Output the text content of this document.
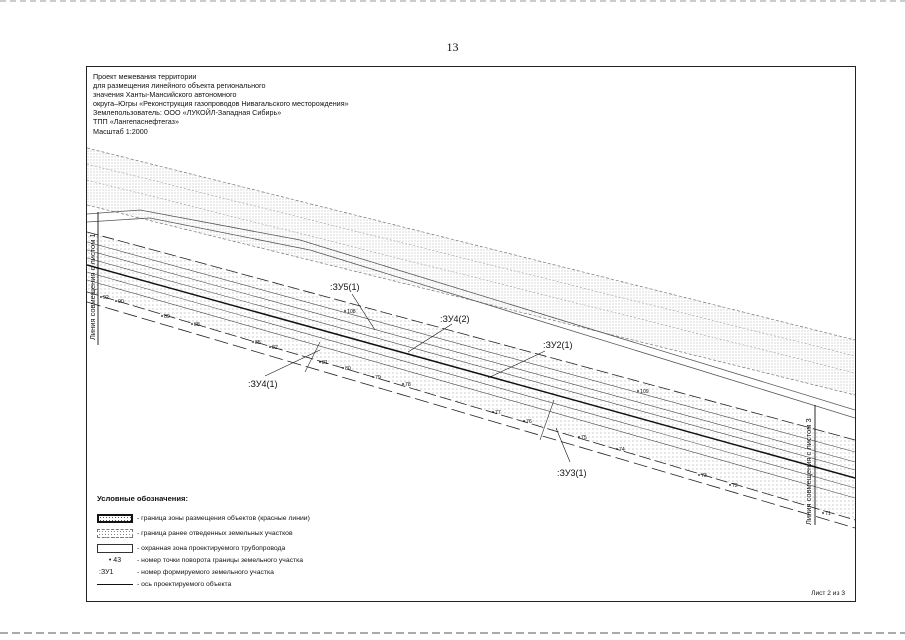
13
Проект межевания территории
для размещения линейного объекта регионального
значения Ханты-Мансийского автономного
округа–Югры «Реконструкция газопроводов Нивагальского месторождения»
Землепользователь: ООО «ЛУКОЙЛ-Западная Сибирь»
ТПП «Лангепаснефтегаз»
Масштаб 1:2000
Линия совмещения с листом 1
Линия совмещения с листом 3
:ЗУ5(1)
:ЗУ4(2)
:ЗУ2(1)
:ЗУ4(1)
:ЗУ3(1)
92
90
89
88
85
82
81
80
79
78
77
76
75
74
73
72
71
108
109
Условные обозначения:
- граница зоны размещения объектов (красные линии)
- граница ранее отведенных земельных участков
- охранная зона проектируемого трубопровода
• 43	- номер точки поворота границы земельного участка
:ЗУ1	- номер формируемого земельного участка
- ось проектируемого объекта
Лист 2 из 3
